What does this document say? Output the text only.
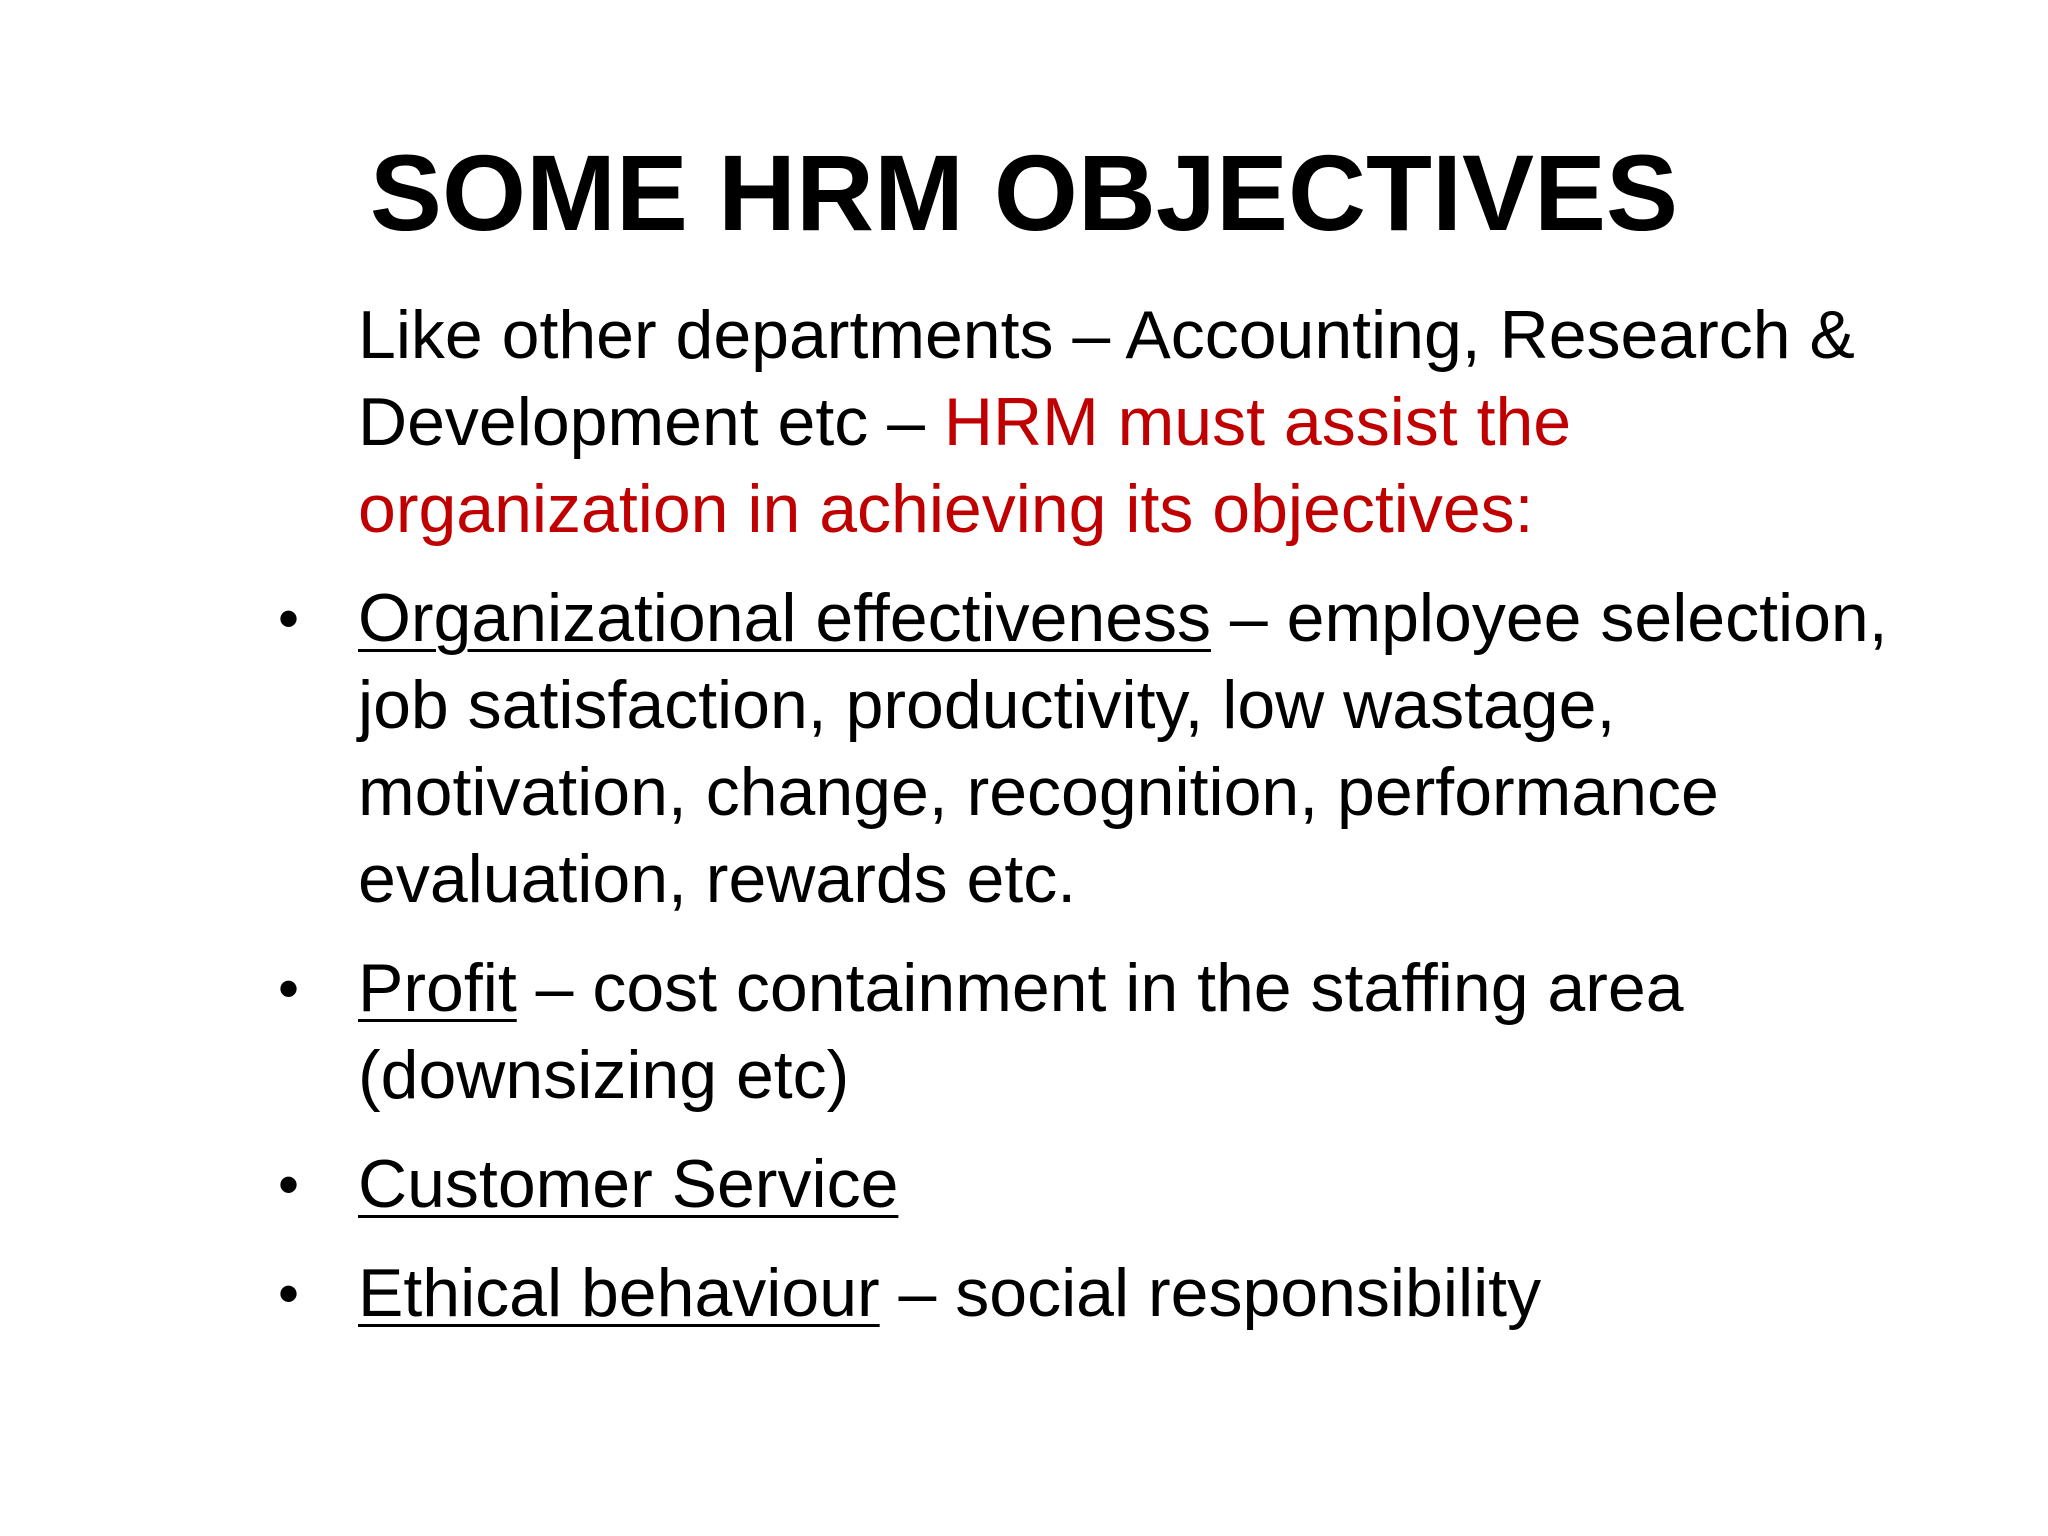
SOME HRM OBJECTIVES

Like other departments – Accounting, Research & Development etc – HRM must assist the organization in achieving its objectives:

• Organizational effectiveness – employee selection, job satisfaction, productivity, low wastage, motivation, change, recognition, performance evaluation, rewards etc.
• Profit – cost containment in the staffing area (downsizing etc)
• Customer Service
• Ethical behaviour – social responsibility
